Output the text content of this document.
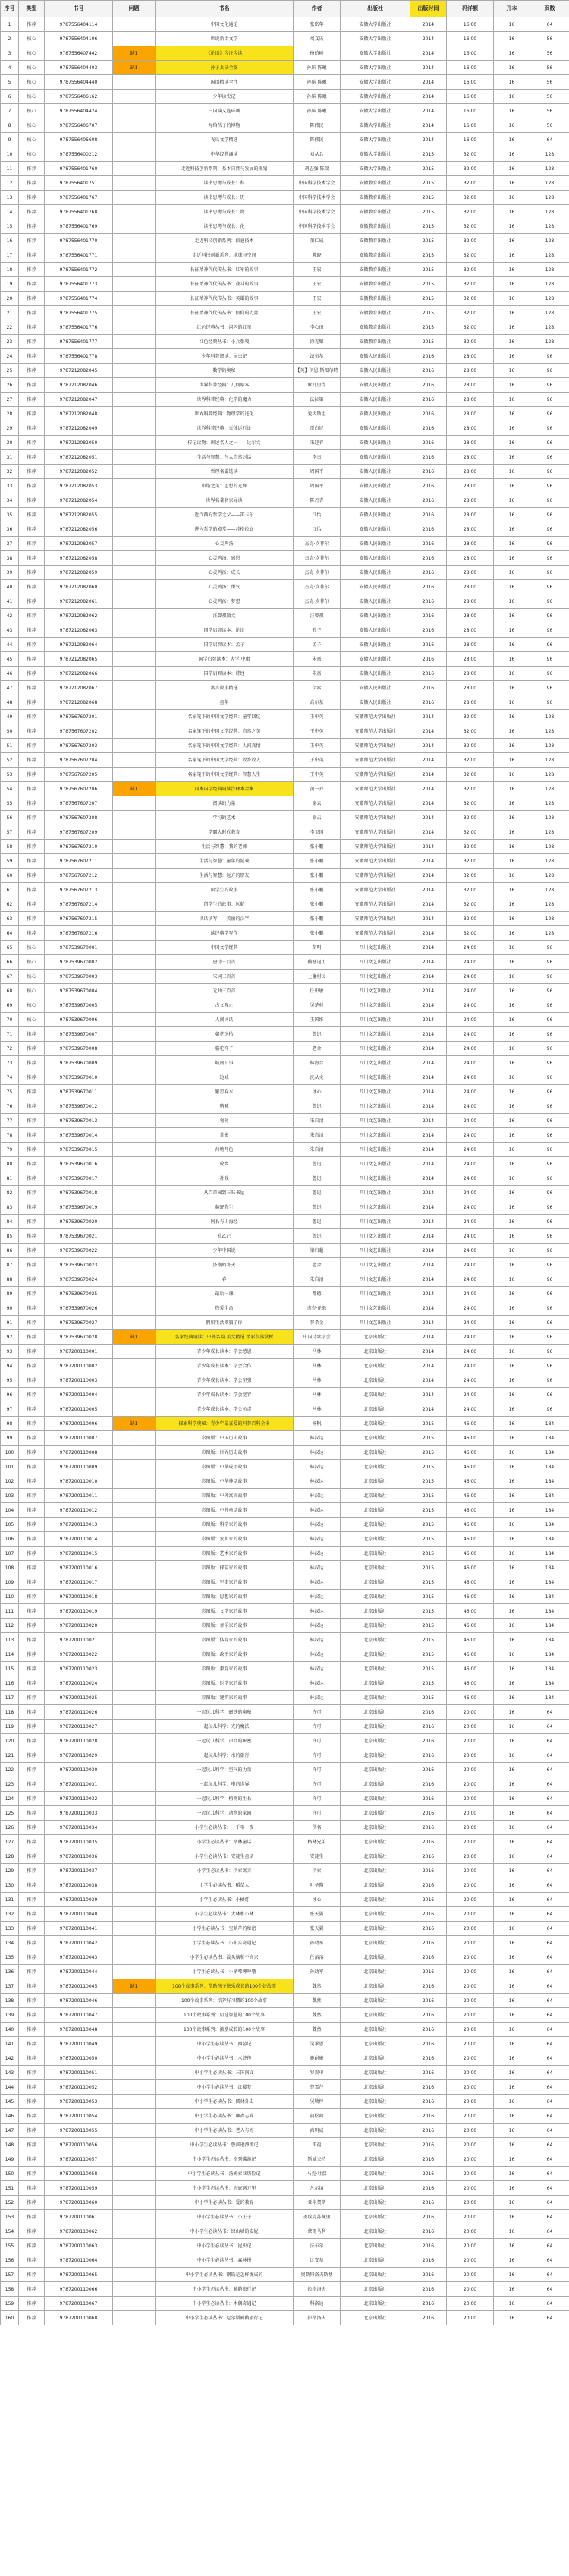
序号	类型	书号	问题	书名	作者	出版社	出版时间	码洋额	开本	页数
1	推荐	9787556404114		中国文化通论	张岱年	安徽大学出版社	2014	16.00	16	64
2	核心	9787556404106		世说新语文学	刘义庆	安徽大学出版社	2014	16.00	16	56
3	核心	9787556407442	缺1	《论语》今注今读	杨伯峻	安徽大学出版社	2014	16.00	16	56
4	核心	9787556404403	缺1	孙子兵法全鉴	孙膑 陈曦	安徽大学出版社	2014	16.00	16	56
5	核心	9787556404440		国语精读全注	孙膑 陈曦	安徽大学出版社	2014	16.00	16	56
6	核心	9787556406162		少年读史记	孙膑 陈曦	安徽大学出版社	2014	16.00	16	56
7	核心	9787556404424		三国演义连环画	孙膑 陈曦	安徽大学出版社	2014	16.00	16	56
8	核心	9787556406707		写给孩子的博物	陈伟民	安徽大学出版社	2014	16.00	16	56
9	核心	9787556406608		飞鸟文学精选	陈伟民	安徽大学出版社	2014	16.00	16	64
10	核心	9787556400212		中华经典诵读	刘从兵	安徽大学出版社	2015	32.00	16	128
11	推荐	9787556401760		走近科技创新系列：基本自然与发展的规划	胡志强 陈瑞	安徽大学出版社	2015	32.00	16	128
12	推荐	9787556401751		读书思考与成长：科	中国科学技术学会	安徽教育出版社	2015	32.00	16	128
13	推荐	9787556401767		读书思考与成长：历	中国科学技术学会	安徽教育出版社	2015	32.00	16	128
14	推荐	9787556401768		读书思考与成长：物	中国科学技术学会	安徽教育出版社	2015	32.00	16	128
15	推荐	9787556401769		读书思考与成长：化	中国科学技术学会	安徽教育出版社	2015	32.00	16	128
16	推荐	9787556401770		走近科技创新系列：信息技术	董仁威	安徽教育出版社	2015	32.00	16	128
17	推荐	9787556401771		走近科技创新系列：地球与空间	陈晓	安徽教育出版社	2015	32.00	16	128
18	推荐	9787556401772		长征精神代代传丛书：红军的故事	王宏	安徽教育出版社	2015	32.00	16	128
19	推荐	9787556401773		长征精神代代传丛书：战斗的故事	王宏	安徽教育出版社	2015	32.00	16	128
20	推荐	9787556401774		长征精神代代传丛书：英雄的故事	王宏	安徽教育出版社	2015	32.00	16	128
21	推荐	9787556401775		长征精神代代传丛书：信仰的力量	王宏	安徽教育出版社	2015	32.00	16	128
22	推荐	9787556401776		红色经典丛书：闪闪的红星	李心田	安徽教育出版社	2015	32.00	16	128
23	推荐	9787556401777		红色经典丛书：小兵张嘎	徐光耀	安徽教育出版社	2015	32.00	16	128
24	推荐	9787556401778		少年科普阅读：昆虫记	法布尔	安徽人民出版社	2016	28.00	16	96
25	推荐	9787212082045		数学的奥秘	【英】伊恩·斯图尔特	安徽人民出版社	2016	28.00	16	96
26	推荐	9787212082046		世界科普经典：几何原本	欧几里得	安徽人民出版社	2016	28.00	16	96
27	推荐	9787212082047		世界科普经典：化学的魔力	法拉第	安徽人民出版社	2016	28.00	16	96
28	推荐	9787212082048		世界科普经典：物理学的进化	爱因斯坦	安徽人民出版社	2016	28.00	16	96
29	推荐	9787212082049		世界科普经典：天体运行论	哥白尼	安徽人民出版社	2016	28.00	16	96
30	推荐	9787212082050		传记读物：讲述名人之一——达尔文	朱迎春	安徽人民出版社	2016	28.00	16	96
31	推荐	9787212082051		生活与智慧：与大自然对话	李杰	安徽人民出版社	2016	28.00	16	96
32	推荐	9787212082052		哲理名篇选读	周国平	安徽人民出版社	2016	28.00	16	96
33	推荐	9787212082053		和谐之美：思想的光辉	周国平	安徽人民出版社	2016	28.00	16	96
34	推荐	9787212082054		世界名著名家导读	陈丹青	安徽人民出版社	2016	28.00	16	96
35	推荐	9787212082055		近代西方哲学之父——笛卡尔	江怡	安徽人民出版社	2016	28.00	16	96
36	推荐	9787212082056		进入哲学的殿堂——苏格拉底	江怡	安徽人民出版社	2016	28.00	16	96
37	推荐	9787212082057		心灵鸡汤	杰克·坎菲尔	安徽人民出版社	2016	28.00	16	96
38	推荐	9787212082058		心灵鸡汤：感恩	杰克·坎菲尔	安徽人民出版社	2016	28.00	16	96
39	推荐	9787212082059		心灵鸡汤：成长	杰克·坎菲尔	安徽人民出版社	2016	28.00	16	96
40	推荐	9787212082060		心灵鸡汤：勇气	杰克·坎菲尔	安徽人民出版社	2016	28.00	16	96
41	推荐	9787212082061		心灵鸡汤：梦想	杰克·坎菲尔	安徽人民出版社	2016	28.00	16	96
42	推荐	9787212082062		汪曾祺散文	汪曾祺	安徽人民出版社	2016	28.00	16	96
43	推荐	9787212082063		国学启智读本：论语	孔子	安徽人民出版社	2016	28.00	16	96
44	推荐	9787212082064		国学启智读本：孟子	孟子	安徽人民出版社	2016	28.00	16	96
45	推荐	9787212082065		国学启智读本：大学 中庸	朱熹	安徽人民出版社	2016	28.00	16	96
46	推荐	9787212082066		国学启智读本：诗经	朱熹	安徽人民出版社	2016	28.00	16	96
47	推荐	9787212082067		寓言故事精选	伊索	安徽人民出版社	2016	28.00	16	96
48	推荐	9787212082068		童年	高尔基	安徽人民出版社	2016	28.00	16	96
49	推荐	9787567607201		名家笔下的中国文学经典：童年回忆	王中英	安徽师范大学出版社	2014	32.00	16	128
50	推荐	9787567607202		名家笔下的中国文学经典：自然之美	王中英	安徽师范大学出版社	2014	32.00	16	128
51	推荐	9787567607203		名家笔下的中国文学经典：人间真情	王中英	安徽师范大学出版社	2014	32.00	16	128
52	推荐	9787567607204		名家笔下的中国文学经典：故乡故人	王中英	安徽师范大学出版社	2014	32.00	16	128
53	推荐	9787567607205		名家笔下的中国文学经典：智慧人生	王中英	安徽师范大学出版社	2014	32.00	16	128
54	推荐	9787567607206	缺1	四本国学经典诵读注释本合集	黄一乔	安徽师范大学出版社	2014	32.00	16	128
55	推荐	9787567607207		阅读的力量	谢云	安徽师范大学出版社	2014	32.00	16	128
56	推荐	9787567607208		学习的艺术	谢云	安徽师范大学出版社	2014	32.00	16	128
57	推荐	9787567607209		学霸大时代教育	李卫国	安徽师范大学出版社	2014	32.00	16	128
58	推荐	9787567607210		生活与智慧：我的老师	张小鹏	安徽师范大学出版社	2014	32.00	16	128
59	推荐	9787567607211		生活与智慧：童年的游戏	张小鹏	安徽师范大学出版社	2014	32.00	16	128
60	推荐	9787567607212		生活与智慧：远方的朋友	张小鹏	安徽师范大学出版社	2014	32.00	16	128
61	推荐	9787567607213		留学生的故事	张小鹏	安徽师范大学出版社	2014	32.00	16	128
62	推荐	9787567607214		留学生的故事：远航	张小鹏	安徽师范大学出版社	2014	32.00	16	128
63	推荐	9787567607215		谈话读写——美丽的汉字	张小鹏	安徽师范大学出版社	2014	32.00	16	128
64	推荐	9787567607216		读经典学写作	张小鹏	安徽师范大学出版社	2014	32.00	16	128
65	核心	9787539670001		中国文学经典	胡明	四川文艺出版社	2014	24.00	16	96
66	核心	9787539670002		唐诗三百首	蘅塘退士	四川文艺出版社	2014	24.00	16	96
67	核心	9787539670003		宋词三百首	上彊村民	四川文艺出版社	2014	24.00	16	96
68	核心	9787539670004		元曲三百首	任中敏	四川文艺出版社	2014	24.00	16	96
69	核心	9787539670005		古文观止	吴楚材	四川文艺出版社	2014	24.00	16	96
70	核心	9787539670006		人间词话	王国维	四川文艺出版社	2014	24.00	16	96
71	推荐	9787539670007		朝花夕拾	鲁迅	四川文艺出版社	2014	24.00	16	96
72	推荐	9787539670008		骆驼祥子	老舍	四川文艺出版社	2014	24.00	16	96
73	推荐	9787539670009		城南旧事	林海音	四川文艺出版社	2014	24.00	16	96
74	推荐	9787539670010		边城	沈从文	四川文艺出版社	2014	24.00	16	96
75	推荐	9787539670011		繁星春水	冰心	四川文艺出版社	2014	24.00	16	96
76	推荐	9787539670012		呐喊	鲁迅	四川文艺出版社	2014	24.00	16	96
77	推荐	9787539670013		匆匆	朱自清	四川文艺出版社	2014	24.00	16	96
78	推荐	9787539670014		背影	朱自清	四川文艺出版社	2014	24.00	16	96
79	推荐	9787539670015		荷塘月色	朱自清	四川文艺出版社	2014	24.00	16	96
80	推荐	9787539670016		故乡	鲁迅	四川文艺出版社	2014	24.00	16	96
81	推荐	9787539670017		社戏	鲁迅	四川文艺出版社	2014	24.00	16	96
82	推荐	9787539670018		从百草园到三味书屋	鲁迅	四川文艺出版社	2014	24.00	16	96
83	推荐	9787539670019		藤野先生	鲁迅	四川文艺出版社	2014	24.00	16	96
84	推荐	9787539670020		阿长与山海经	鲁迅	四川文艺出版社	2014	24.00	16	96
85	推荐	9787539670021		孔乙己	鲁迅	四川文艺出版社	2014	24.00	16	96
86	推荐	9787539670022		少年中国说	梁启超	四川文艺出版社	2014	24.00	16	96
87	推荐	9787539670023		济南的冬天	老舍	四川文艺出版社	2014	24.00	16	96
88	推荐	9787539670024		春	朱自清	四川文艺出版社	2014	24.00	16	96
89	推荐	9787539670025		最后一课	都德	四川文艺出版社	2014	24.00	16	96
90	推荐	9787539670026		热爱生命	杰克·伦敦	四川文艺出版社	2014	24.00	16	96
91	推荐	9787539670027		假如生活欺骗了你	普希金	四川文艺出版社	2014	24.00	16	96
92	推荐	9787539670028	缺1	名家经典诵读：中外名篇 美文精选 精彩段落赏析	中国诗歌学会	北京出版社	2014	24.00	16	96
93	推荐	9787200110001		青少年成长读本：学会感恩	马林	北京出版社	2014	24.00	16	96
94	推荐	9787200110002		青少年成长读本：学会合作	马林	北京出版社	2014	24.00	16	96
95	推荐	9787200110003		青少年成长读本：学会坚强	马林	北京出版社	2014	24.00	16	96
96	推荐	9787200110004		青少年成长读本：学会宽容	马林	北京出版社	2014	24.00	16	96
97	推荐	9787200110005		青少年成长读本：学会负责	马林	北京出版社	2014	24.00	16	96
98	推荐	9787200110006	缺1	探索科学奥秘：青少年最喜爱的科普百科全书	杨帆	北京出版社	2015	46.00	16	184
99	推荐	9787200110007		彩图版：中国历史故事	林汉达	北京出版社	2015	46.00	16	184
100	推荐	9787200110008		彩图版：世界历史故事	林汉达	北京出版社	2015	46.00	16	184
101	推荐	9787200110009		彩图版：中华成语故事	林汉达	北京出版社	2015	46.00	16	184
102	推荐	9787200110010		彩图版：中华神话故事	林汉达	北京出版社	2015	46.00	16	184
103	推荐	9787200110011		彩图版：中外寓言故事	林汉达	北京出版社	2015	46.00	16	184
104	推荐	9787200110012		彩图版：中外童话故事	林汉达	北京出版社	2015	46.00	16	184
105	推荐	9787200110013		彩图版：科学家的故事	林汉达	北京出版社	2015	46.00	16	184
106	推荐	9787200110014		彩图版：发明家的故事	林汉达	北京出版社	2015	46.00	16	184
107	推荐	9787200110015		彩图版：艺术家的故事	林汉达	北京出版社	2015	46.00	16	184
108	推荐	9787200110016		彩图版：探险家的故事	林汉达	北京出版社	2015	46.00	16	184
109	推荐	9787200110017		彩图版：军事家的故事	林汉达	北京出版社	2015	46.00	16	184
110	推荐	9787200110018		彩图版：思想家的故事	林汉达	北京出版社	2015	46.00	16	184
111	推荐	9787200110019		彩图版：文学家的故事	林汉达	北京出版社	2015	46.00	16	184
112	推荐	9787200110020		彩图版：音乐家的故事	林汉达	北京出版社	2015	46.00	16	184
113	推荐	9787200110021		彩图版：体育家的故事	林汉达	北京出版社	2015	46.00	16	184
114	推荐	9787200110022		彩图版：政治家的故事	林汉达	北京出版社	2015	46.00	16	184
115	推荐	9787200110023		彩图版：教育家的故事	林汉达	北京出版社	2015	46.00	16	184
116	推荐	9787200110024		彩图版：医学家的故事	林汉达	北京出版社	2015	46.00	16	184
117	推荐	9787200110025		彩图版：建筑家的故事	林汉达	北京出版社	2015	46.00	16	184
118	推荐	9787200110026		一起玩儿科学：磁铁的奥秘	许可	北京出版社	2016	20.00	16	64
119	推荐	9787200110027		一起玩儿科学：光的魔法	许可	北京出版社	2016	20.00	16	64
120	推荐	9787200110028		一起玩儿科学：声音的秘密	许可	北京出版社	2016	20.00	16	64
121	推荐	9787200110029		一起玩儿科学：水的旅行	许可	北京出版社	2016	20.00	16	64
122	推荐	9787200110030		一起玩儿科学：空气的力量	许可	北京出版社	2016	20.00	16	64
123	推荐	9787200110031		一起玩儿科学：电的世界	许可	北京出版社	2016	20.00	16	64
124	推荐	9787200110032		一起玩儿科学：植物的生长	许可	北京出版社	2016	20.00	16	64
125	推荐	9787200110033		一起玩儿科学：动物的家园	许可	北京出版社	2016	20.00	16	64
126	推荐	9787200110034		小学生必读丛书：一千零一夜	佚名	北京出版社	2016	20.00	16	64
127	推荐	9787200110035		小学生必读丛书：格林童话	格林兄弟	北京出版社	2016	20.00	16	64
128	推荐	9787200110036		小学生必读丛书：安徒生童话	安徒生	北京出版社	2016	20.00	16	64
129	推荐	9787200110037		小学生必读丛书：伊索寓言	伊索	北京出版社	2016	20.00	16	64
130	推荐	9787200110038		小学生必读丛书：稻草人	叶圣陶	北京出版社	2016	20.00	16	64
131	推荐	9787200110039		小学生必读丛书：小橘灯	冰心	北京出版社	2016	20.00	16	64
132	推荐	9787200110040		小学生必读丛书：大林和小林	张天翼	北京出版社	2016	20.00	16	64
133	推荐	9787200110041		小学生必读丛书：宝葫芦的秘密	张天翼	北京出版社	2016	20.00	16	64
134	推荐	9787200110042		小学生必读丛书：小布头奇遇记	孙幼军	北京出版社	2016	20.00	16	64
135	推荐	9787200110043		小学生必读丛书：没头脑和不高兴	任溶溶	北京出版社	2016	20.00	16	64
136	推荐	9787200110044		小学生必读丛书：小猪唏哩呼噜	孙幼军	北京出版社	2016	20.00	16	64
137	推荐	9787200110045	缺1	100个故事系列：帮助孩子快乐成长的100个好故事	魏然	北京出版社	2016	20.00	16	64
138	推荐	9787200110046		100个故事系列：培养好习惯的100个故事	魏然	北京出版社	2016	20.00	16	64
139	推荐	9787200110047		100个故事系列：启迪智慧的100个故事	魏然	北京出版社	2016	20.00	16	64
140	推荐	9787200110048		100个故事系列：激励成长的100个故事	魏然	北京出版社	2016	20.00	16	64
141	推荐	9787200110049		中小学生必读丛书：西游记	吴承恩	北京出版社	2016	20.00	16	64
142	推荐	9787200110050		中小学生必读丛书：水浒传	施耐庵	北京出版社	2016	20.00	16	64
143	推荐	9787200110051		中小学生必读丛书：三国演义	罗贯中	北京出版社	2016	20.00	16	64
144	推荐	9787200110052		中小学生必读丛书：红楼梦	曹雪芹	北京出版社	2016	20.00	16	64
145	推荐	9787200110053		中小学生必读丛书：儒林外史	吴敬梓	北京出版社	2016	20.00	16	64
146	推荐	9787200110054		中小学生必读丛书：聊斋志异	蒲松龄	北京出版社	2016	20.00	16	64
147	推荐	9787200110055		中小学生必读丛书：老人与海	海明威	北京出版社	2016	20.00	16	64
148	推荐	9787200110056		中小学生必读丛书：鲁滨逊漂流记	笛福	北京出版社	2016	20.00	16	64
149	推荐	9787200110057		中小学生必读丛书：格列佛游记	斯威夫特	北京出版社	2016	20.00	16	64
150	推荐	9787200110058		中小学生必读丛书：汤姆索亚历险记	马克·吐温	北京出版社	2016	20.00	16	64
151	推荐	9787200110059		中小学生必读丛书：海底两万里	凡尔纳	北京出版社	2016	20.00	16	64
152	推荐	9787200110060		中小学生必读丛书：爱的教育	亚米契斯	北京出版社	2016	20.00	16	64
153	推荐	9787200110061		中小学生必读丛书：小王子	圣埃克苏佩里	北京出版社	2016	20.00	16	64
154	推荐	9787200110062		中小学生必读丛书：绿山墙的安妮	蒙哥马利	北京出版社	2016	20.00	16	64
155	推荐	9787200110063		中小学生必读丛书：昆虫记	法布尔	北京出版社	2016	20.00	16	64
156	推荐	9787200110064		中小学生必读丛书：森林报	比安基	北京出版社	2016	20.00	16	64
157	推荐	9787200110065		中小学生必读丛书：钢铁是怎样炼成的	奥斯特洛夫斯基	北京出版社	2016	20.00	16	64
158	推荐	9787200110066		中小学生必读丛书：骑鹅旅行记	拉格洛夫	北京出版社	2016	20.00	16	64
159	推荐	9787200110067		中小学生必读丛书：木偶奇遇记	科洛迪	北京出版社	2016	20.00	16	64
160	推荐	9787200110068		中小学生必读丛书：尼尔斯骑鹅旅行记	拉格洛夫	北京出版社	2016	20.00	16	64
